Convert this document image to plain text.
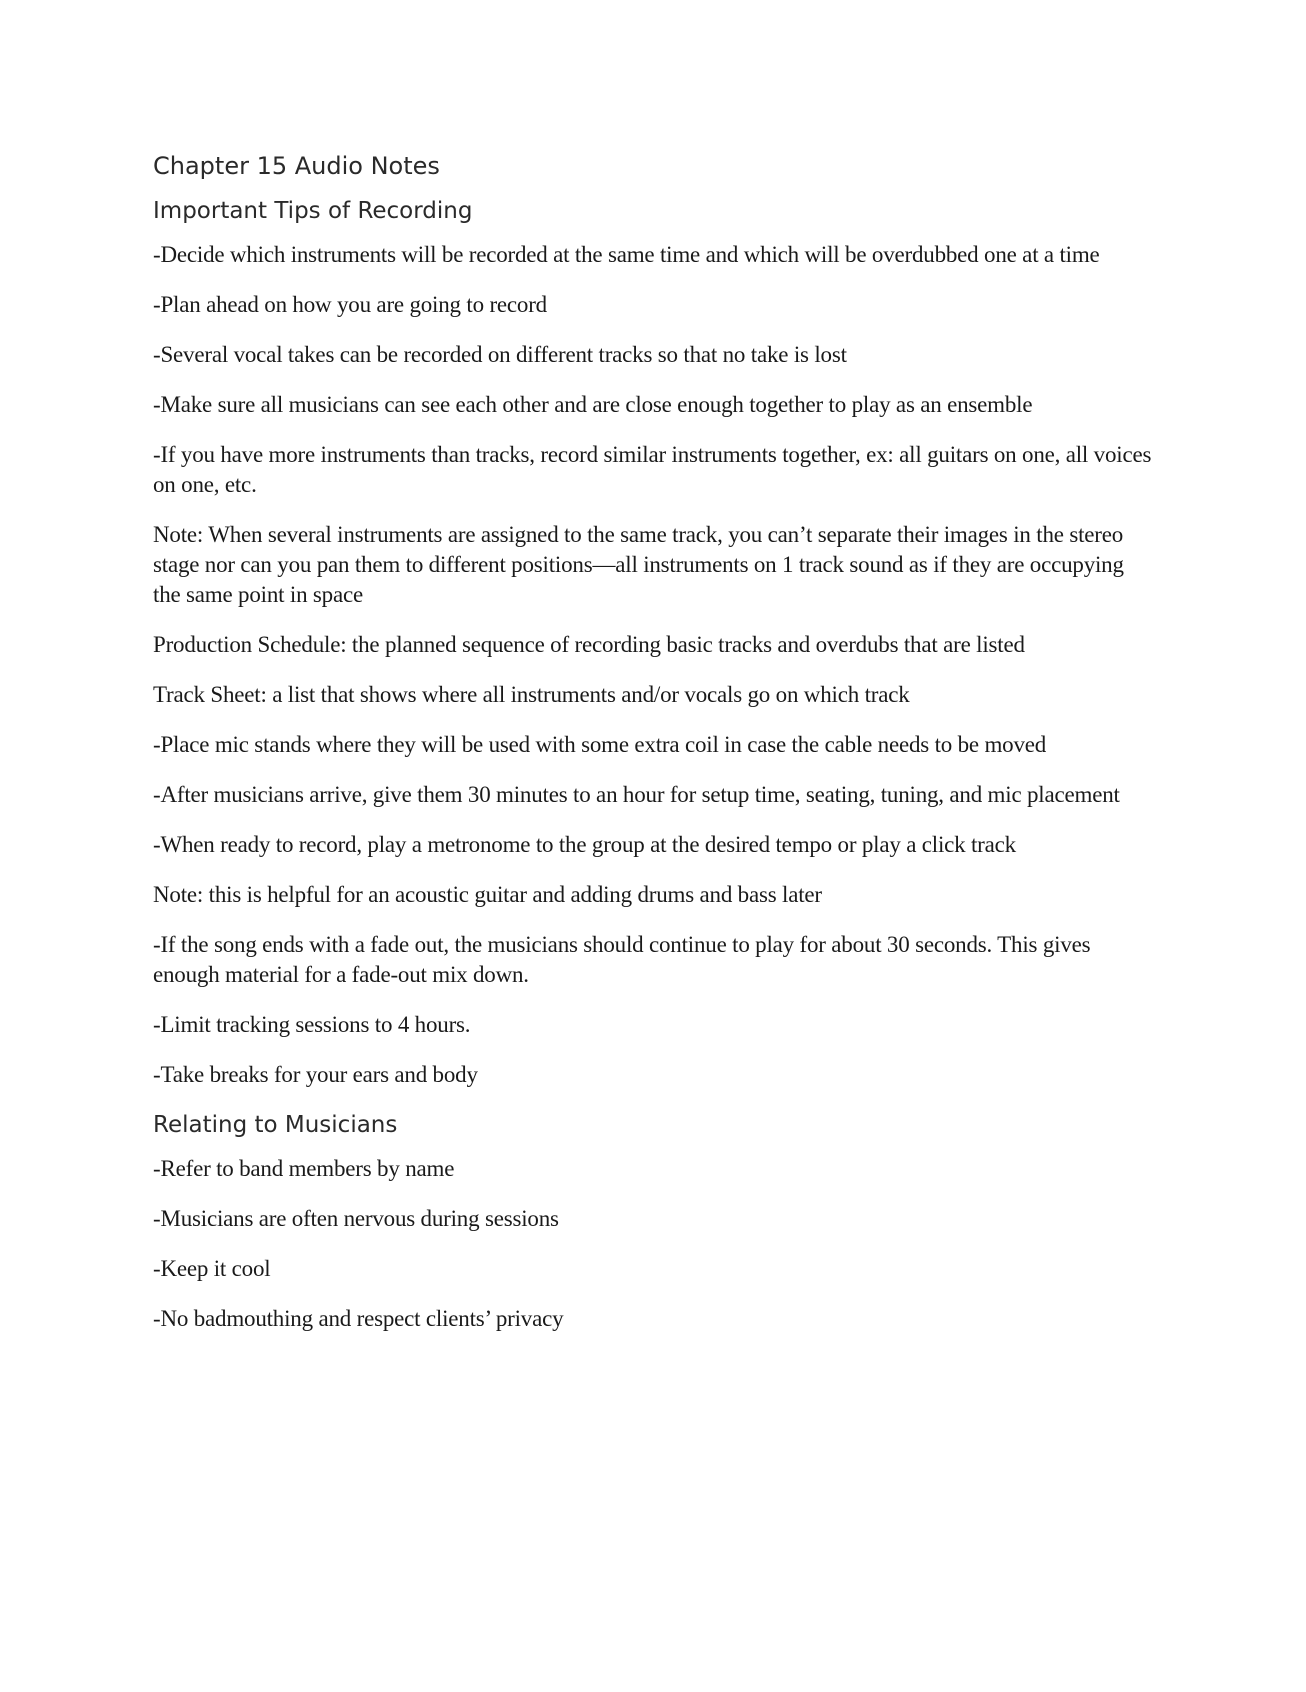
Chapter 15 Audio Notes
Important Tips of Recording

-Decide which instruments will be recorded at the same time and which will be overdubbed one at a time

-Plan ahead on how you are going to record

-Several vocal takes can be recorded on different tracks so that no take is lost

-Make sure all musicians can see each other and are close enough together to play as an ensemble

-If you have more instruments than tracks, record similar instruments together, ex: all guitars on one, all voices on one, etc.

Note: When several instruments are assigned to the same track, you can’t separate their images in the stereo stage nor can you pan them to different positions—all instruments on 1 track sound as if they are occupying the same point in space

Production Schedule: the planned sequence of recording basic tracks and overdubs that are listed

Track Sheet: a list that shows where all instruments and/or vocals go on which track

-Place mic stands where they will be used with some extra coil in case the cable needs to be moved

-After musicians arrive, give them 30 minutes to an hour for setup time, seating, tuning, and mic placement

-When ready to record, play a metronome to the group at the desired tempo or play a click track

Note: this is helpful for an acoustic guitar and adding drums and bass later

-If the song ends with a fade out, the musicians should continue to play for about 30 seconds. This gives enough material for a fade-out mix down.

-Limit tracking sessions to 4 hours.

-Take breaks for your ears and body

Relating to Musicians

-Refer to band members by name

-Musicians are often nervous during sessions

-Keep it cool

-No badmouthing and respect clients’ privacy
